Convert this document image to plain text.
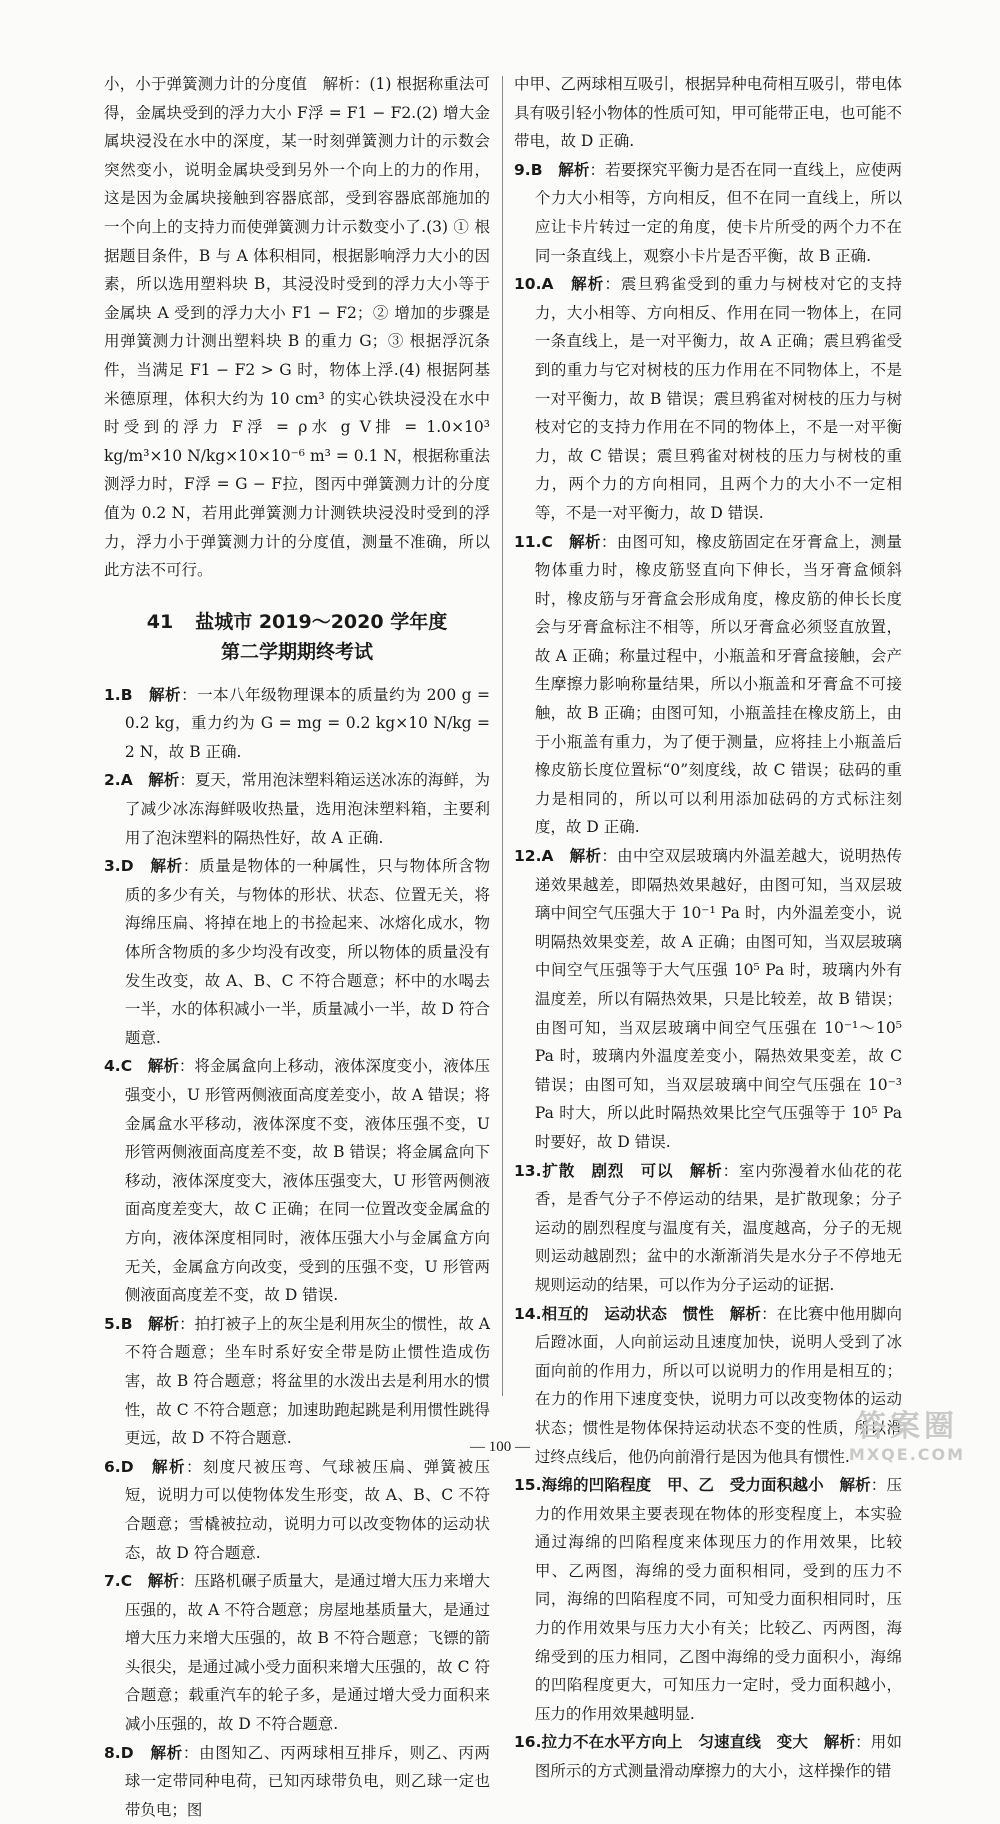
小，小于弹簧测力计的分度值　解析：(1) 根据称重法可得，金属块受到的浮力大小 F浮 = F1 − F2.(2) 增大金属块浸没在水中的深度，某一时刻弹簧测力计的示数会突然变小，说明金属块受到另外一个向上的力的作用，这是因为金属块接触到容器底部，受到容器底部施加的一个向上的支持力而使弹簧测力计示数变小了.(3) ① 根据题目条件，B 与 A 体积相同，根据影响浮力大小的因素，所以选用塑料块 B，其浸没时受到的浮力大小等于金属块 A 受到的浮力大小 F1 − F2；② 增加的步骤是用弹簧测力计测出塑料块 B 的重力 G；③ 根据浮沉条件，当满足 F1 − F2 > G 时，物体上浮.(4) 根据阿基米德原理，体积大约为 10 cm³ 的实心铁块浸没在水中时受到的浮力 F浮 = ρ水 g V排 = 1.0×10³ kg/m³×10 N/kg×10×10⁻⁶ m³ = 0.1 N，根据称重法测浮力时，F浮 = G − F拉，图丙中弹簧测力计的分度值为 0.2 N，若用此弹簧测力计测铁块浸没时受到的浮力，浮力小于弹簧测力计的分度值，测量不准确，所以此方法不可行。

41 盐城市 2019～2020 学年度
第二学期期终考试

1.B　 解析：一本八年级物理课本的质量约为 200 g = 0.2 kg，重力约为 G = mg = 0.2 kg×10 N/kg = 2 N，故 B 正确.

2.A　 解析：夏天，常用泡沫塑料箱运送冰冻的海鲜，为了减少冰冻海鲜吸收热量，选用泡沫塑料箱，主要利用了泡沫塑料的隔热性好，故 A 正确.

3.D　 解析：质量是物体的一种属性，只与物体所含物质的多少有关，与物体的形状、状态、位置无关，将海绵压扁、将掉在地上的书捡起来、冰熔化成水，物体所含物质的多少均没有改变，所以物体的质量没有发生改变，故 A、B、C 不符合题意；杯中的水喝去一半，水的体积减小一半，质量减小一半，故 D 符合题意.

4.C　 解析：将金属盒向上移动，液体深度变小，液体压强变小，U 形管两侧液面高度差变小，故 A 错误；将金属盒水平移动，液体深度不变，液体压强不变，U 形管两侧液面高度差不变，故 B 错误；将金属盒向下移动，液体深度变大，液体压强变大，U 形管两侧液面高度差变大，故 C 正确；在同一位置改变金属盒的方向，液体深度相同时，液体压强大小与金属盒方向无关，金属盒方向改变，受到的压强不变，U 形管两侧液面高度差不变，故 D 错误.

5.B　 解析：拍打被子上的灰尘是利用灰尘的惯性，故 A 不符合题意；坐车时系好安全带是防止惯性造成伤害，故 B 符合题意；将盆里的水泼出去是利用水的惯性，故 C 不符合题意；加速助跑起跳是利用惯性跳得更远，故 D 不符合题意.

6.D　 解析：刻度尺被压弯、气球被压扁、弹簧被压短，说明力可以使物体发生形变，故 A、B、C 不符合题意；雪橇被拉动，说明力可以改变物体的运动状态，故 D 符合题意.

7.C　 解析：压路机碾子质量大，是通过增大压力来增大压强的，故 A 不符合题意；房屋地基质量大，是通过增大压力来增大压强的，故 B 不符合题意；飞镖的箭头很尖，是通过减小受力面积来增大压强的，故 C 符合题意；载重汽车的轮子多，是通过增大受力面积来减小压强的，故 D 不符合题意.

8.D　 解析：由图知乙、丙两球相互排斥，则乙、丙两球一定带同种电荷，已知丙球带负电，则乙球一定也带负电；图

中甲、乙两球相互吸引，根据异种电荷相互吸引，带电体具有吸引轻小物体的性质可知，甲可能带正电，也可能不带电，故 D 正确.

9.B　 解析：若要探究平衡力是否在同一直线上，应使两个力大小相等，方向相反，但不在同一直线上，所以应让卡片转过一定的角度，使卡片所受的两个力不在同一条直线上，观察小卡片是否平衡，故 B 正确.

10.A　 解析：震旦鸦雀受到的重力与树枝对它的支持力，大小相等、方向相反、作用在同一物体上，在同一条直线上，是一对平衡力，故 A 正确；震旦鸦雀受到的重力与它对树枝的压力作用在不同物体上，不是一对平衡力，故 B 错误；震旦鸦雀对树枝的压力与树枝对它的支持力作用在不同的物体上，不是一对平衡力，故 C 错误；震旦鸦雀对树枝的压力与树枝的重力，两个力的方向相同，且两个力的大小不一定相等，不是一对平衡力，故 D 错误.

11.C　 解析：由图可知，橡皮筋固定在牙膏盒上，测量物体重力时，橡皮筋竖直向下伸长，当牙膏盒倾斜时，橡皮筋与牙膏盒会形成角度，橡皮筋的伸长长度会与牙膏盒标注不相等，所以牙膏盒必须竖直放置，故 A 正确；称量过程中，小瓶盖和牙膏盒接触，会产生摩擦力影响称量结果，所以小瓶盖和牙膏盒不可接触，故 B 正确；由图可知，小瓶盖挂在橡皮筋上，由于小瓶盖有重力，为了便于测量，应将挂上小瓶盖后橡皮筋长度位置标“0”刻度线，故 C 错误；砝码的重力是相同的，所以可以利用添加砝码的方式标注刻度，故 D 正确.

12.A　 解析：由中空双层玻璃内外温差越大，说明热传递效果越差，即隔热效果越好，由图可知，当双层玻璃中间空气压强大于 10⁻¹ Pa 时，内外温差变小，说明隔热效果变差，故 A 正确；由图可知，当双层玻璃中间空气压强等于大气压强 10⁵ Pa 时，玻璃内外有温度差，所以有隔热效果，只是比较差，故 B 错误；由图可知，当双层玻璃中间空气压强在 10⁻¹～10⁵ Pa 时，玻璃内外温度差变小，隔热效果变差，故 C 错误；由图可知，当双层玻璃中间空气压强在 10⁻³ Pa 时大，所以此时隔热效果比空气压强等于 10⁵ Pa 时要好，故 D 错误.

13.扩散　剧烈　可以　 解析：室内弥漫着水仙花的花香，是香气分子不停运动的结果，是扩散现象；分子运动的剧烈程度与温度有关，温度越高，分子的无规则运动越剧烈；盆中的水渐渐消失是水分子不停地无规则运动的结果，可以作为分子运动的证据.

14.相互的　运动状态　惯性　 解析：在比赛中他用脚向后蹬冰面，人向前运动且速度加快，说明人受到了冰面向前的作用力，所以可以说明力的作用是相互的；在力的作用下速度变快，说明力可以改变物体的运动状态；惯性是物体保持运动状态不变的性质，所以滑过终点线后，他仍向前滑行是因为他具有惯性.

15.海绵的凹陷程度　甲、乙　受力面积越小　 解析：压力的作用效果主要表现在物体的形变程度上，本实验通过海绵的凹陷程度来体现压力的作用效果，比较甲、乙两图，海绵的受力面积相同，受到的压力不同，海绵的凹陷程度不同，可知受力面积相同时，压力的作用效果与压力大小有关；比较乙、丙两图，海绵受到的压力相同，乙图中海绵的受力面积小，海绵的凹陷程度更大，可知压力一定时，受力面积越小，压力的作用效果越明显.

16.拉力不在水平方向上　匀速直线　变大　 解析：用如图所示的方式测量滑动摩擦力的大小，这样操作的错

— 100 —
答案圈
MXQE.COM
